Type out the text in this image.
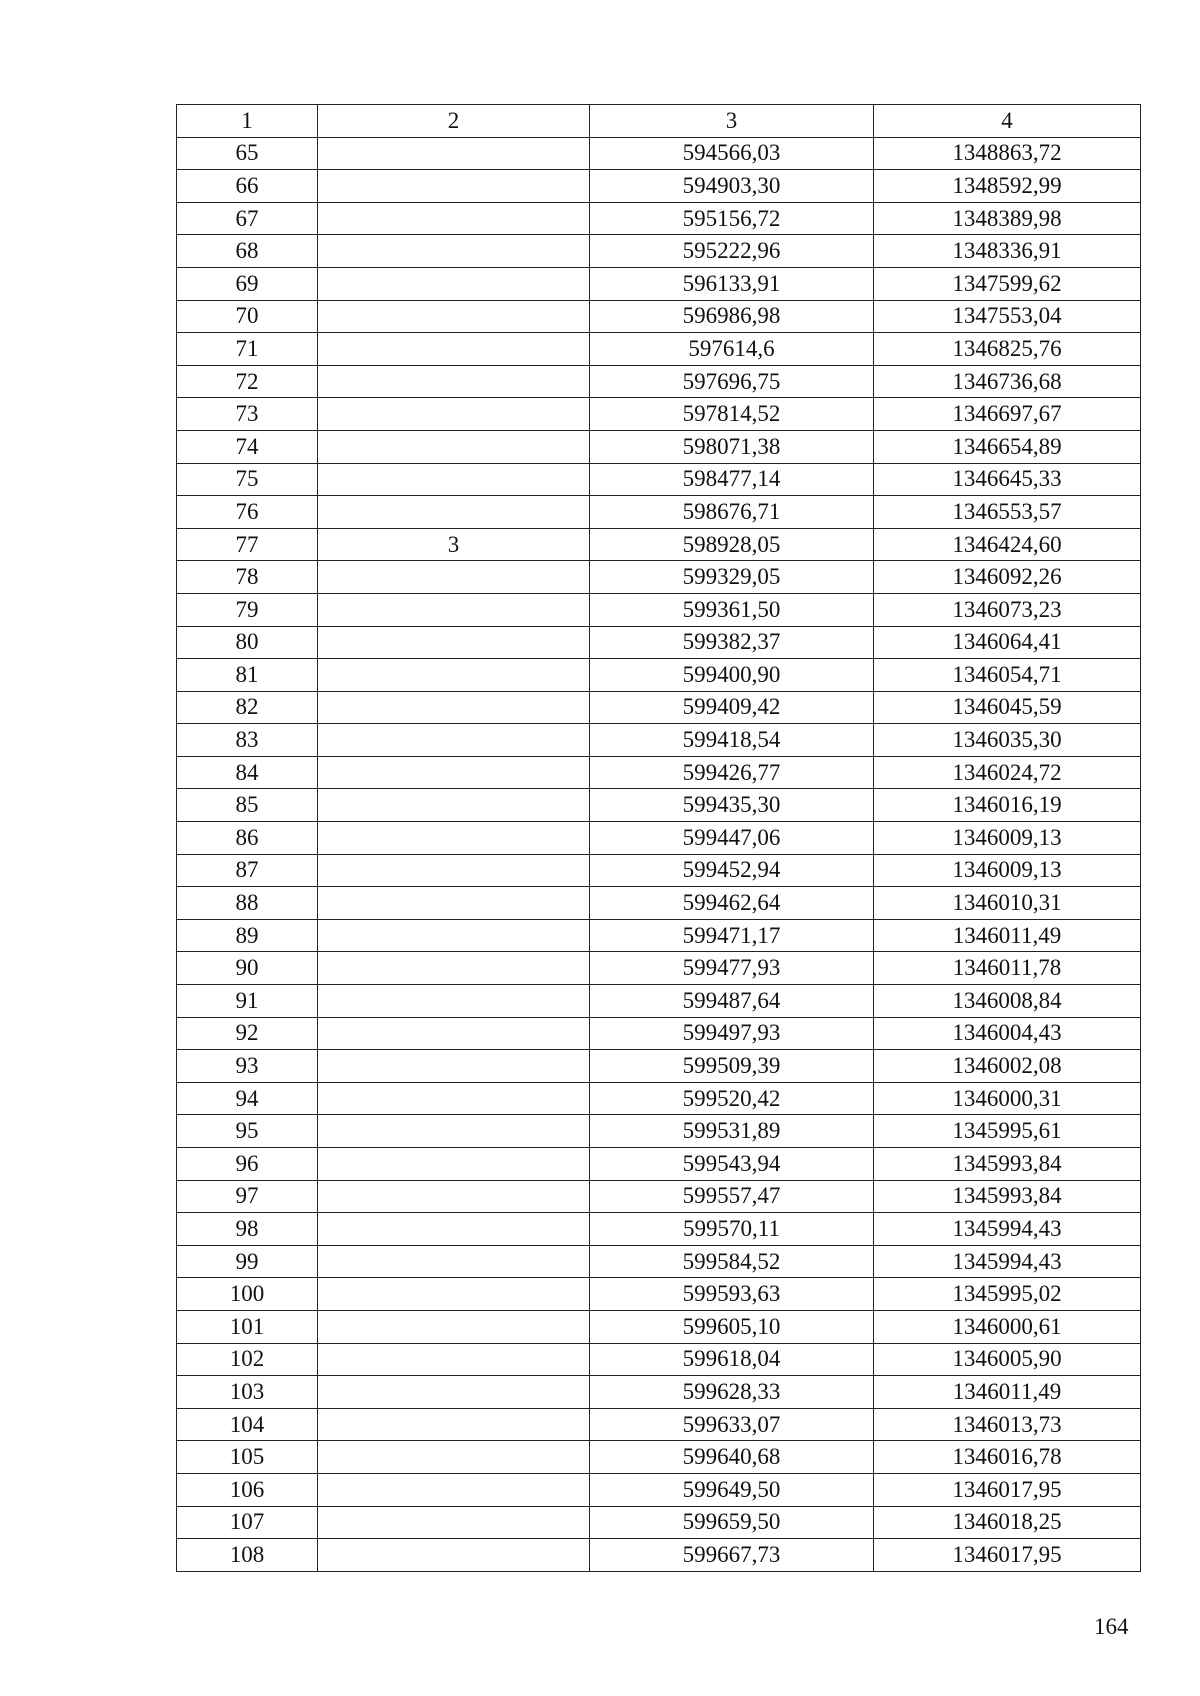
1	2	3	4
65		594566,03	1348863,72
66		594903,30	1348592,99
67		595156,72	1348389,98
68		595222,96	1348336,91
69		596133,91	1347599,62
70		596986,98	1347553,04
71		597614,6	1346825,76
72		597696,75	1346736,68
73		597814,52	1346697,67
74		598071,38	1346654,89
75		598477,14	1346645,33
76		598676,71	1346553,57
77	3	598928,05	1346424,60
78		599329,05	1346092,26
79		599361,50	1346073,23
80		599382,37	1346064,41
81		599400,90	1346054,71
82		599409,42	1346045,59
83		599418,54	1346035,30
84		599426,77	1346024,72
85		599435,30	1346016,19
86		599447,06	1346009,13
87		599452,94	1346009,13
88		599462,64	1346010,31
89		599471,17	1346011,49
90		599477,93	1346011,78
91		599487,64	1346008,84
92		599497,93	1346004,43
93		599509,39	1346002,08
94		599520,42	1346000,31
95		599531,89	1345995,61
96		599543,94	1345993,84
97		599557,47	1345993,84
98		599570,11	1345994,43
99		599584,52	1345994,43
100		599593,63	1345995,02
101		599605,10	1346000,61
102		599618,04	1346005,90
103		599628,33	1346011,49
104		599633,07	1346013,73
105		599640,68	1346016,78
106		599649,50	1346017,95
107		599659,50	1346018,25
108		599667,73	1346017,95
164
